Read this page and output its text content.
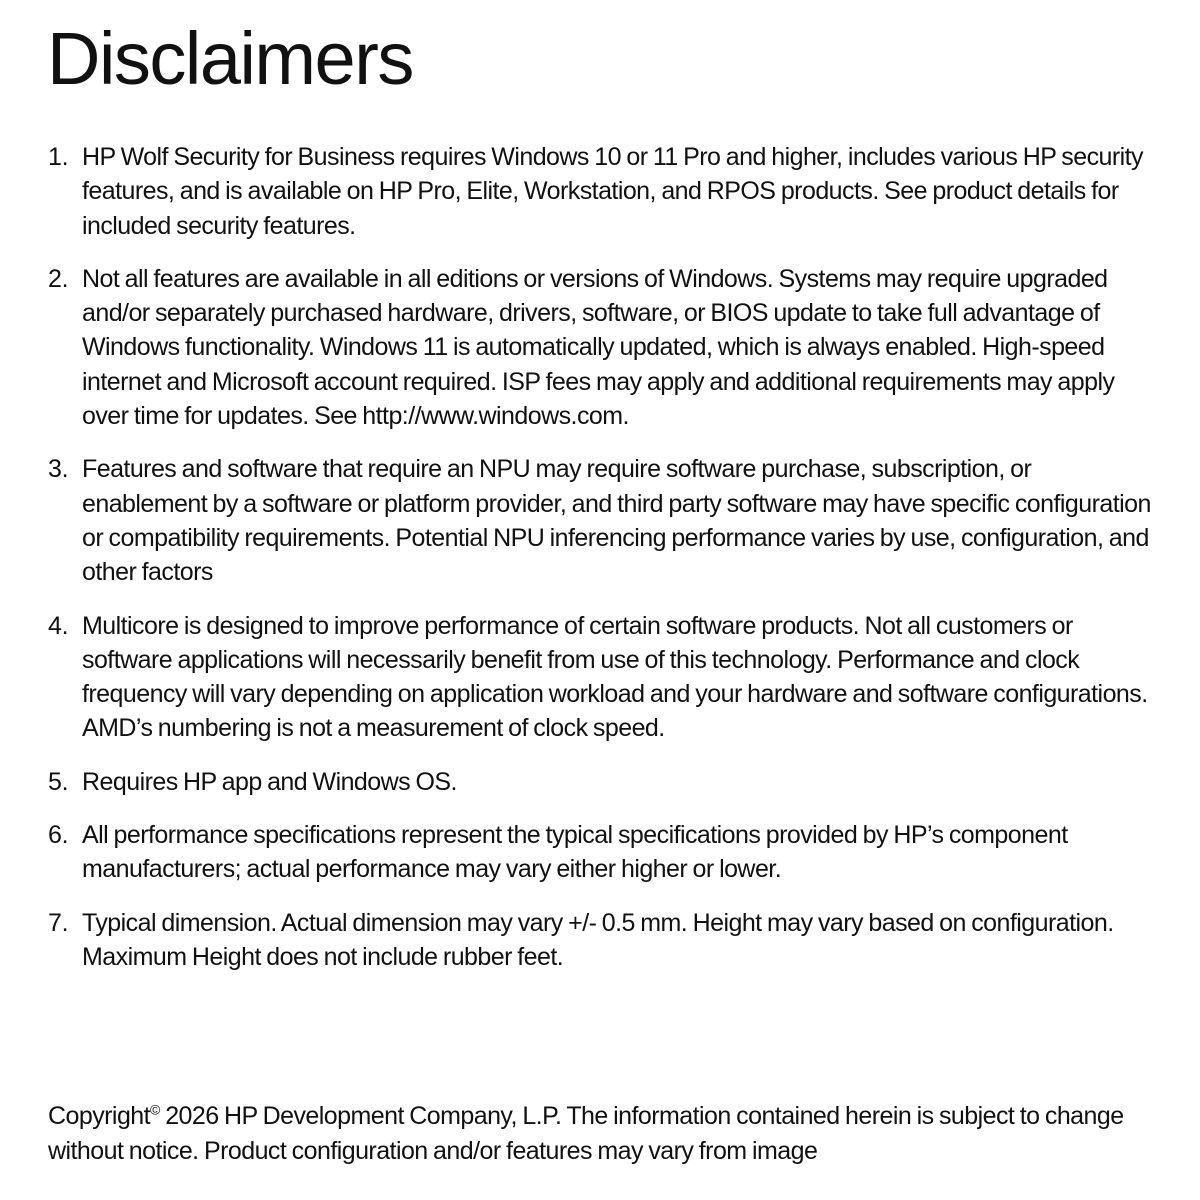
Disclaimers
1. HP Wolf Security for Business requires Windows 10 or 11 Pro and higher, includes various HP security features, and is available on HP Pro, Elite, Workstation, and RPOS products. See product details for included security features.
2. Not all features are available in all editions or versions of Windows. Systems may require upgraded and/or separately purchased hardware, drivers, software, or BIOS update to take full advantage of Windows functionality. Windows 11 is automatically updated, which is always enabled. High-speed internet and Microsoft account required. ISP fees may apply and additional requirements may apply over time for updates. See http://www.windows.com.
3. Features and software that require an NPU may require software purchase, subscription, or enablement by a software or platform provider, and third party software may have specific configuration or compatibility requirements. Potential NPU inferencing performance varies by use, configuration, and other factors
4. Multicore is designed to improve performance of certain software products. Not all customers or software applications will necessarily benefit from use of this technology. Performance and clock frequency will vary depending on application workload and your hardware and software configurations. AMD’s numbering is not a measurement of clock speed.
5. Requires HP app and Windows OS.
6. All performance specifications represent the typical specifications provided by HP’s component manufacturers; actual performance may vary either higher or lower.
7. Typical dimension. Actual dimension may vary +/- 0.5 mm. Height may vary based on configuration. Maximum Height does not include rubber feet.

Copyright© 2026 HP Development Company, L.P. The information contained herein is subject to change without notice. Product configuration and/or features may vary from image
